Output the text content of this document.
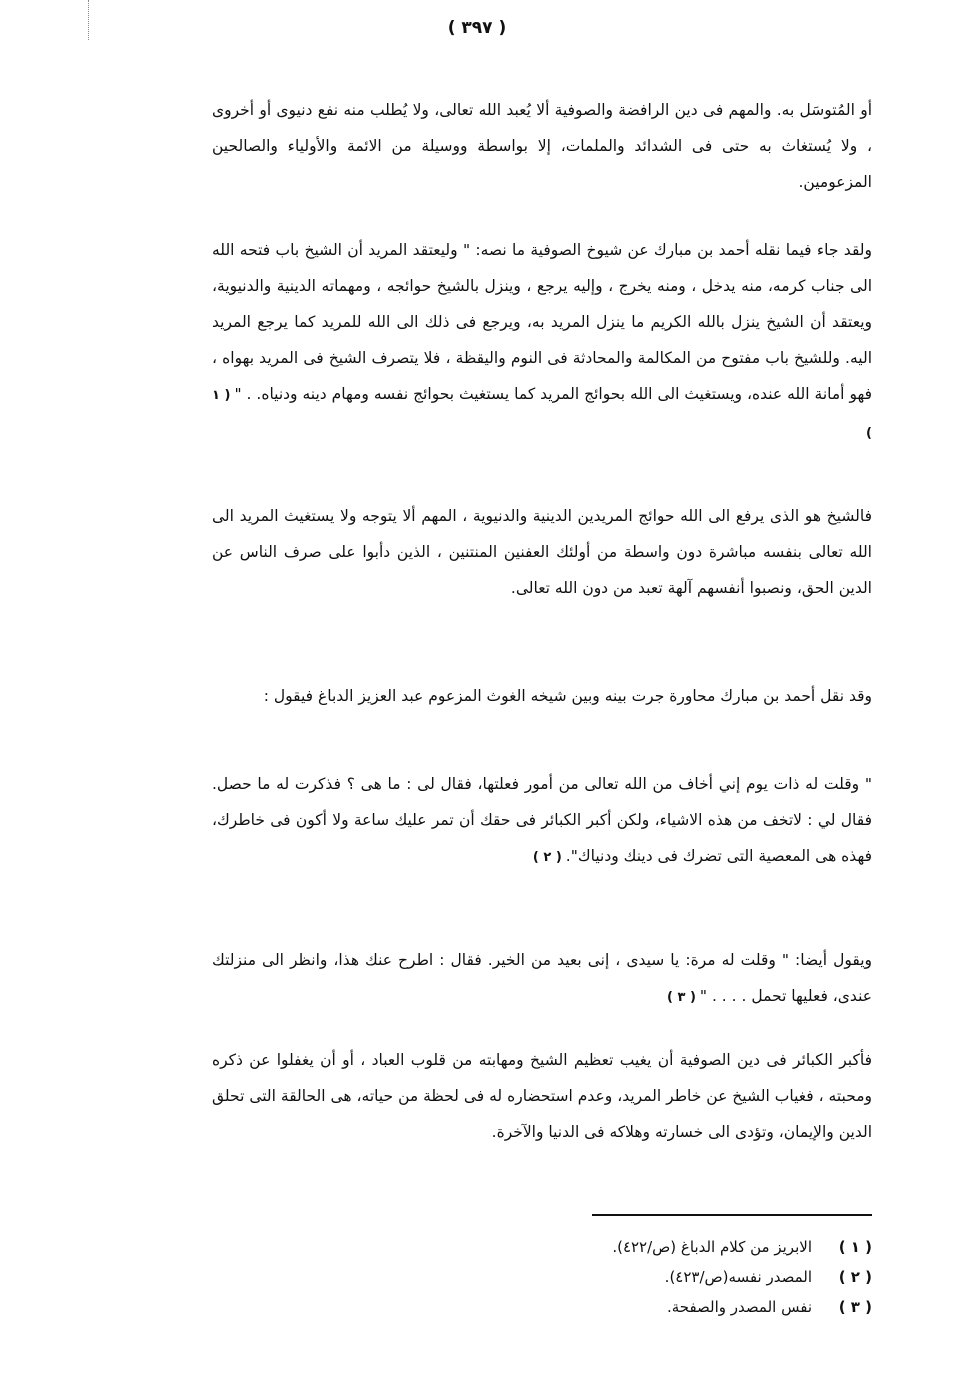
( ٣٩٧ )

أو المُتوسَل به. والمهم فى دين الرافضة والصوفية ألا يُعبد الله تعالى، ولا يُطلب منه نفع دنيوى أو أخروى ، ولا يُستغاث به حتى فى الشدائد والملمات، إلا بواسطة ووسيلة من الائمة والأولياء والصالحين المزعومين.

ولقد جاء فيما نقله أحمد بن مبارك عن شيوخ الصوفية ما نصه: " وليعتقد المريد أن الشيخ باب فتحه الله الى جناب كرمه، منه يدخل ، ومنه يخرج ، وإليه يرجع ، وينزل بالشيخ حوائجه ، ومهماته الدينية والدنيوية، ويعتقد أن الشيخ ينزل بالله الكريم ما ينزل المريد به، ويرجع فى ذلك الى الله للمريد كما يرجع المريد اليه. وللشيخ باب مفتوح من المكالمة والمحادثة فى النوم واليقظة ، فلا يتصرف الشيخ فى المريد بهواه ، فهو أمانة الله عنده، ويستغيث الى الله بحوائج المريد كما يستغيث بحوائج نفسه ومهام دينه ودنياه. . "( ١ )

فالشيخ هو الذى يرفع الى الله حوائج المريدين الدينية والدنيوية ، المهم ألا يتوجه ولا يستغيث المريد الى الله تعالى بنفسه مباشرة دون واسطة من أولئك العفنين المنتنين ، الذين دأبوا على صرف الناس عن الدين الحق، ونصبوا أنفسهم آلهة تعبد من دون الله تعالى.

وقد نقل أحمد بن مبارك محاورة جرت بينه وبين شيخه الغوث المزعوم عبد العزيز الدباغ فيقول :

" وقلت له ذات يوم إني أخاف من الله تعالى من أمور فعلتها، فقال لى : ما هى ؟ فذكرت له ما حصل. فقال لي : لاتخف من هذه الاشياء، ولكن أكبر الكبائر فى حقك أن تمر عليك ساعة ولا أكون فى خاطرك، فهذه هى المعصية التى تضرك فى دينك ودنياك".( ٢ )

ويقول أيضا: " وقلت له مرة: يا سيدى ، إنى بعيد من الخير. فقال : اطرح عنك هذا، وانظر الى منزلتك عندى، فعليها تحمل . . . . "( ٣ )

فأكبر الكبائر فى دين الصوفية أن يغيب تعظيم الشيخ ومهابته من قلوب العباد ، أو أن يغفلوا عن ذكره ومحبته ، فغياب الشيخ عن خاطر المريد، وعدم استحضاره له فى لحظة من حياته، هى الحالقة التى تحلق الدين والإيمان، وتؤدى الى خسارته وهلاكه فى الدنيا والآخرة.

( ١ )
الابريز من كلام الدباغ (ص/٤٢٢).
( ٢ )
المصدر نفسه(ص/٤٢٣).
( ٣ )
نفس المصدر والصفحة.
